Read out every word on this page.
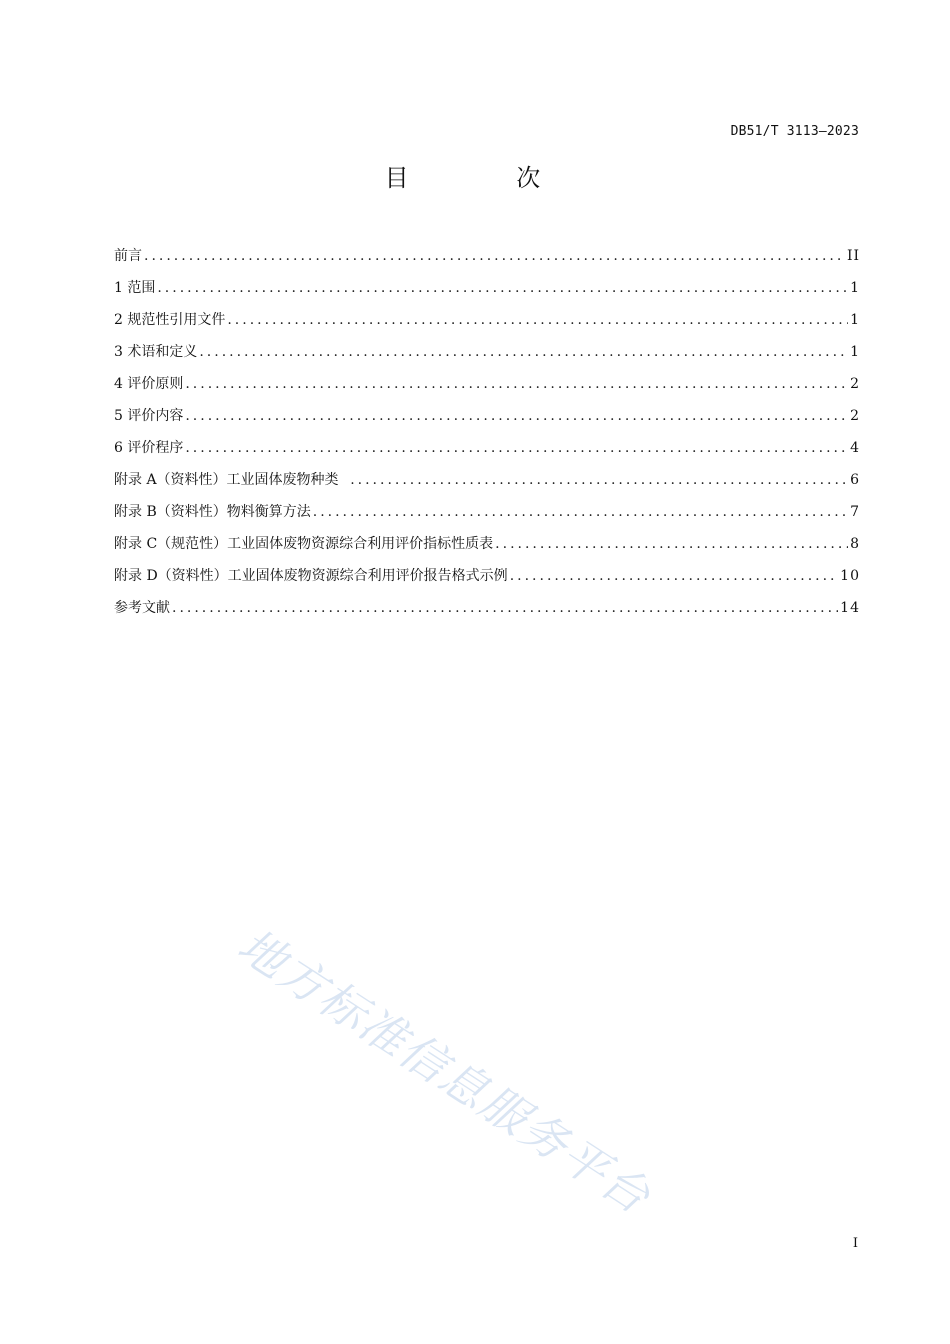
DB51/T 3113—2023
目 次
前言 .....	II
1 范围 .....	1
2 规范性引用文件 .....	1
3 术语和定义 .....	1
4 评价原则 .....	2
5 评价内容 .....	2
6 评价程序 .....	4
附录 A（资料性）工业固体废物种类 .....	6
附录 B（资料性）物料衡算方法 .....	7
附录 C（规范性）工业固体废物资源综合利用评价指标性质表 .....	8
附录 D（资料性）工业固体废物资源综合利用评价报告格式示例 .....	10
参考文献 .....	14
地方标准信息服务平台
I
